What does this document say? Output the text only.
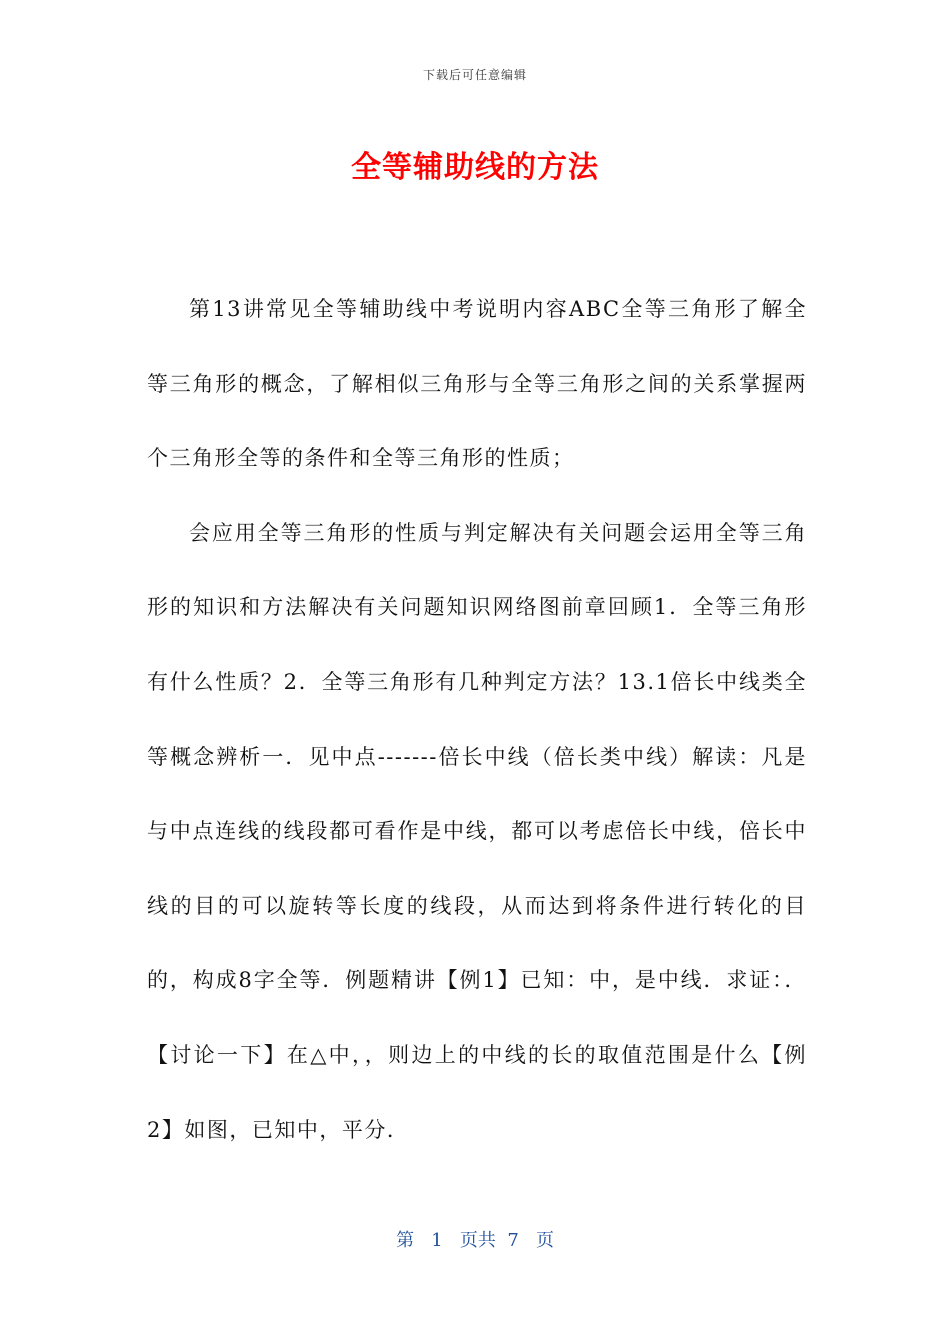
下载后可任意编辑
全等辅助线的方法

第13讲常见全等辅助线中考说明内容ABC全等三角形了解全等三角形的概念，了解相似三角形与全等三角形之间的关系掌握两个三角形全等的条件和全等三角形的性质；

会应用全等三角形的性质与判定解决有关问题会运用全等三角形的知识和方法解决有关问题知识网络图前章回顾1．全等三角形有什么性质？2．全等三角形有几种判定方法？13.1倍长中线类全等概念辨析一．见中点-------倍长中线（倍长类中线）解读：凡是与中点连线的线段都可看作是中线，都可以考虑倍长中线，倍长中线的目的可以旋转等长度的线段，从而达到将条件进行转化的目的，构成8字全等．例题精讲【例1】已知：中，是中线．求证：．【讨论一下】在△中，，则边上的中线的长的取值范围是什么【例2】如图，已知中，平分．

第 1 页共 7 页
